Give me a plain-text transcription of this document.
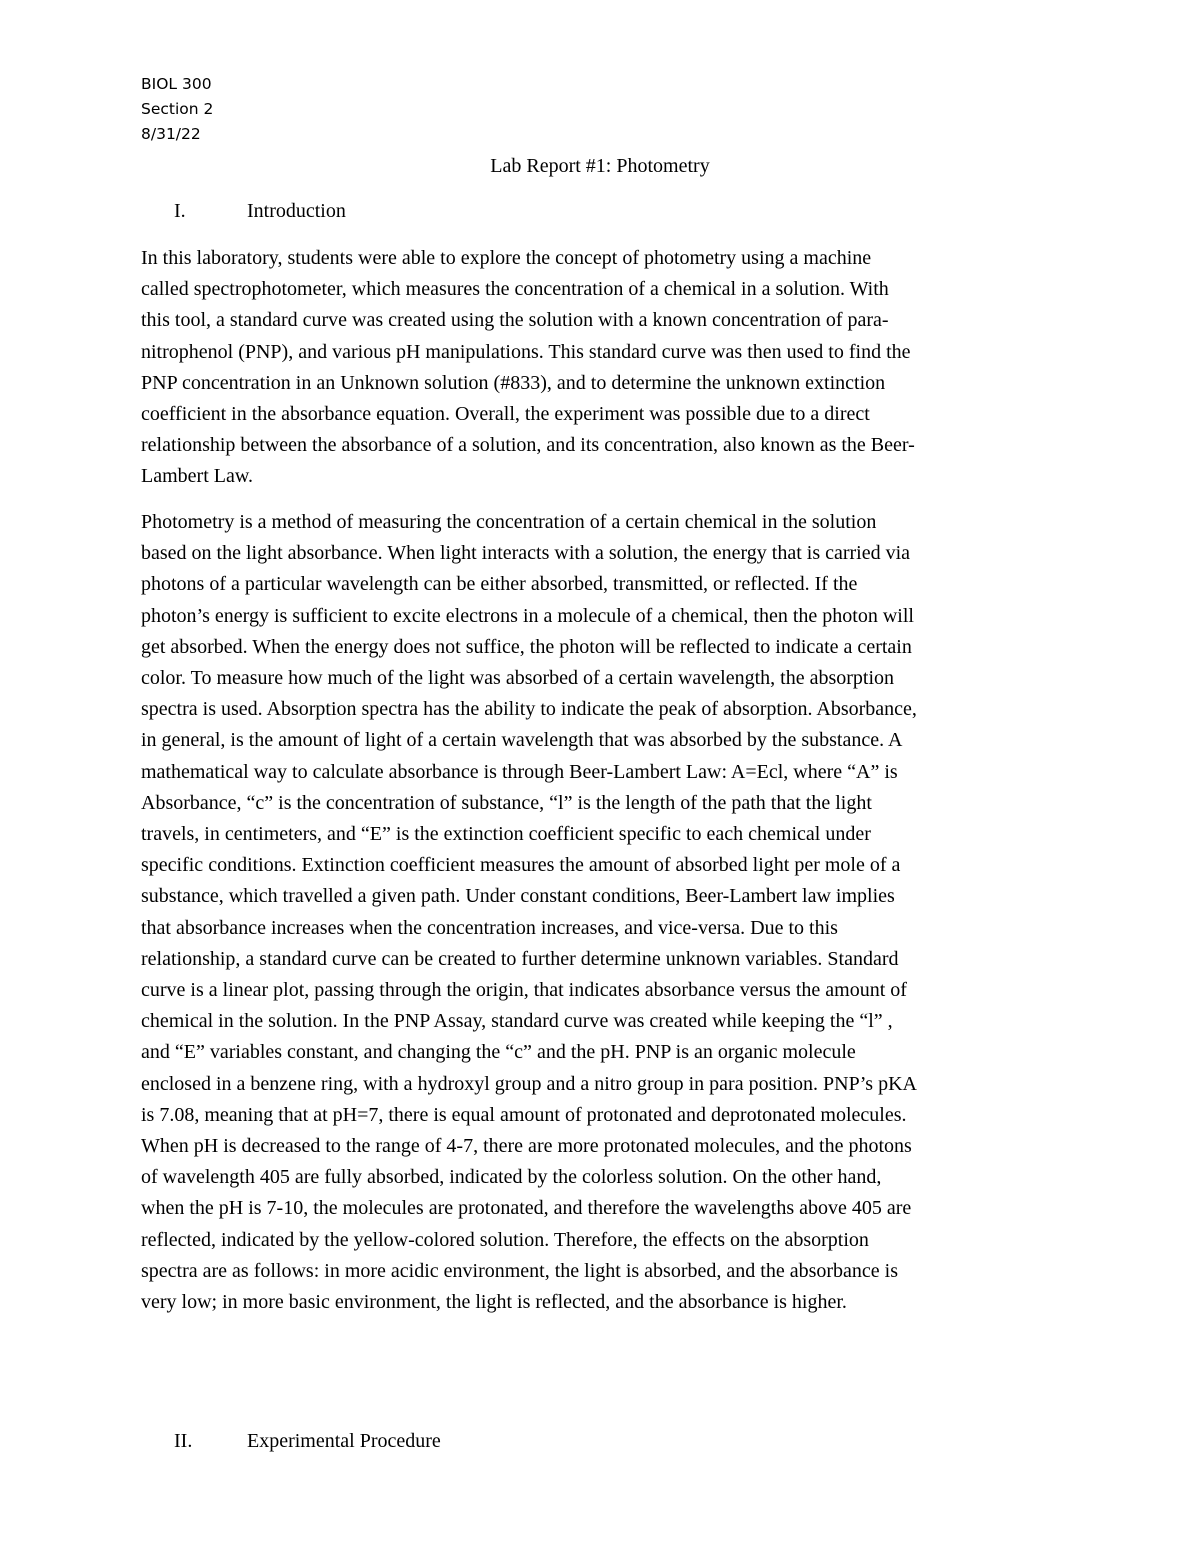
BIOL 300
Section 2
8/31/22
Lab Report #1: Photometry
I.	Introduction

In this laboratory, students were able to explore the concept of photometry using a machine
called spectrophotometer, which measures the concentration of a chemical in a solution. With
this tool, a standard curve was created using the solution with a known concentration of para-
nitrophenol (PNP), and various pH manipulations. This standard curve was then used to find the
PNP concentration in an Unknown solution (#833), and to determine the unknown extinction
coefficient in the absorbance equation. Overall, the experiment was possible due to a direct
relationship between the absorbance of a solution, and its concentration, also known as the Beer-
Lambert Law.

Photometry is a method of measuring the concentration of a certain chemical in the solution
based on the light absorbance. When light interacts with a solution, the energy that is carried via
photons of a particular wavelength can be either absorbed, transmitted, or reflected. If the
photon’s energy is sufficient to excite electrons in a molecule of a chemical, then the photon will
get absorbed. When the energy does not suffice, the photon will be reflected to indicate a certain
color. To measure how much of the light was absorbed of a certain wavelength, the absorption
spectra is used. Absorption spectra has the ability to indicate the peak of absorption. Absorbance,
in general, is the amount of light of a certain wavelength that was absorbed by the substance. A
mathematical way to calculate absorbance is through Beer-Lambert Law: A=Ecl, where “A” is
Absorbance, “c” is the concentration of substance, “l” is the length of the path that the light
travels, in centimeters, and “E” is the extinction coefficient specific to each chemical under
specific conditions. Extinction coefficient measures the amount of absorbed light per mole of a
substance, which travelled a given path. Under constant conditions, Beer-Lambert law implies
that absorbance increases when the concentration increases, and vice-versa. Due to this
relationship, a standard curve can be created to further determine unknown variables. Standard
curve is a linear plot, passing through the origin, that indicates absorbance versus the amount of
chemical in the solution. In the PNP Assay, standard curve was created while keeping the “l” ,
and “E” variables constant, and changing the “c” and the pH. PNP is an organic molecule
enclosed in a benzene ring, with a hydroxyl group and a nitro group in para position. PNP’s pKA
is 7.08, meaning that at pH=7, there is equal amount of protonated and deprotonated molecules.
When pH is decreased to the range of 4-7, there are more protonated molecules, and the photons
of wavelength 405 are fully absorbed, indicated by the colorless solution. On the other hand,
when the pH is 7-10, the molecules are protonated, and therefore the wavelengths above 405 are
reflected, indicated by the yellow-colored solution. Therefore, the effects on the absorption
spectra are as follows: in more acidic environment, the light is absorbed, and the absorbance is
very low; in more basic environment, the light is reflected, and the absorbance is higher.

II.	Experimental Procedure
